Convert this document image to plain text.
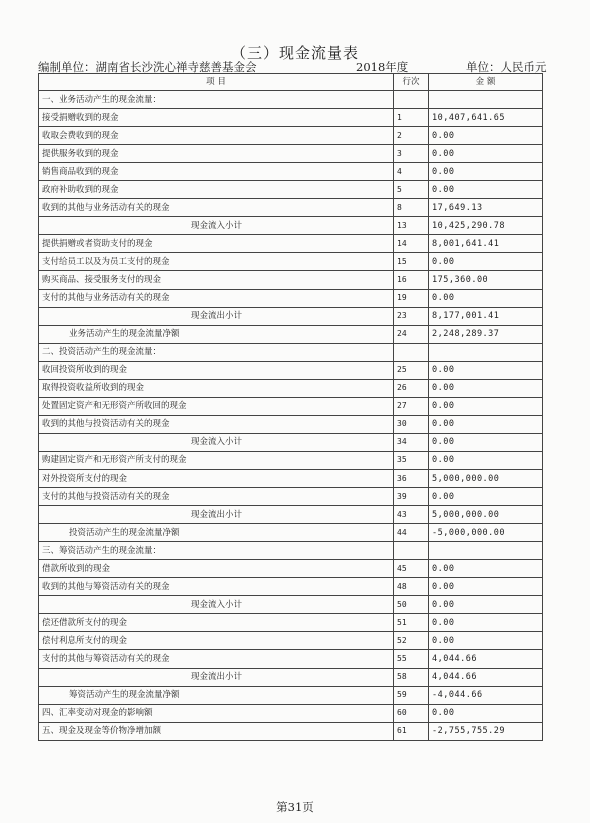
（三）现金流量表
编制单位：湖南省长沙洗心禅寺慈善基金会	2018年度	单位：人民币元
项 目	行次	金 额
一、业务活动产生的现金流量：		
接受捐赠收到的现金	1	10,407,641.65
收取会费收到的现金	2	0.00
提供服务收到的现金	3	0.00
销售商品收到的现金	4	0.00
政府补助收到的现金	5	0.00
收到的其他与业务活动有关的现金	8	17,649.13
现金流入小计	13	10,425,290.78
提供捐赠或者资助支付的现金	14	8,001,641.41
支付给员工以及为员工支付的现金	15	0.00
购买商品、接受服务支付的现金	16	175,360.00
支付的其他与业务活动有关的现金	19	0.00
现金流出小计	23	8,177,001.41
业务活动产生的现金流量净额	24	2,248,289.37
二、投资活动产生的现金流量：		
收回投资所收到的现金	25	0.00
取得投资收益所收到的现金	26	0.00
处置固定资产和无形资产所收回的现金	27	0.00
收到的其他与投资活动有关的现金	30	0.00
现金流入小计	34	0.00
购建固定资产和无形资产所支付的现金	35	0.00
对外投资所支付的现金	36	5,000,000.00
支付的其他与投资活动有关的现金	39	0.00
现金流出小计	43	5,000,000.00
投资活动产生的现金流量净额	44	-5,000,000.00
三、筹资活动产生的现金流量：		
借款所收到的现金	45	0.00
收到的其他与筹资活动有关的现金	48	0.00
现金流入小计	50	0.00
偿还借款所支付的现金	51	0.00
偿付利息所支付的现金	52	0.00
支付的其他与筹资活动有关的现金	55	4,044.66
现金流出小计	58	4,044.66
筹资活动产生的现金流量净额	59	-4,044.66
四、汇率变动对现金的影响额	60	0.00
五、现金及现金等价物净增加额	61	-2,755,755.29
第31页
